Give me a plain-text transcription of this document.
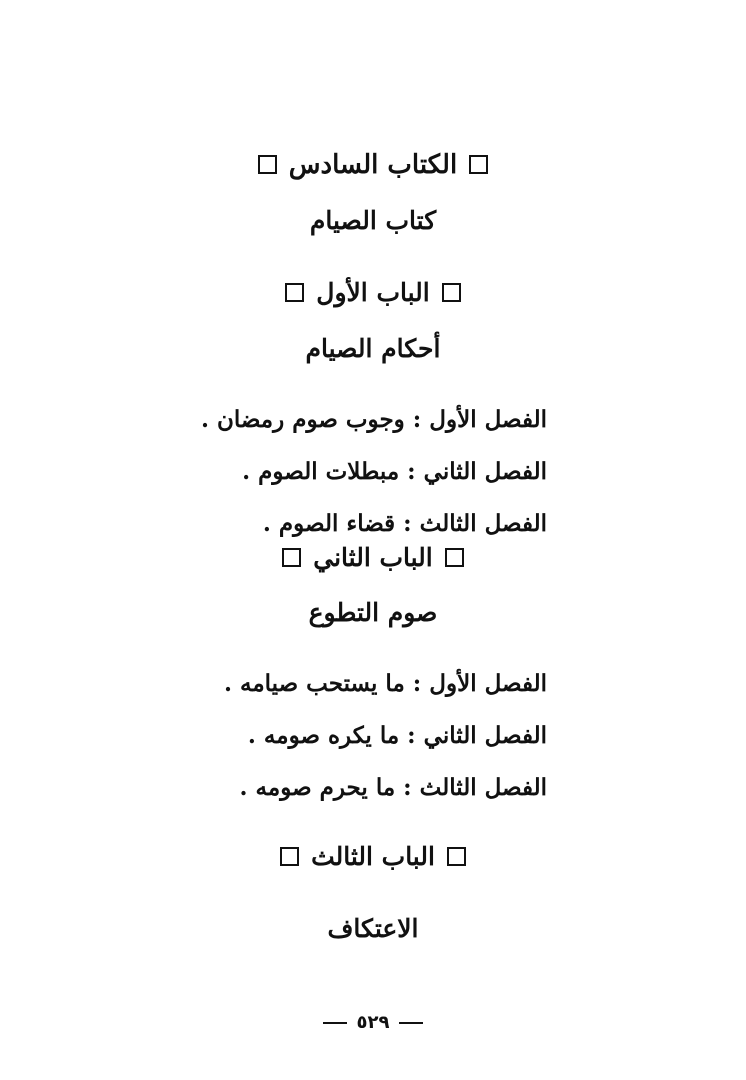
الكتاب السادس
كتاب الصيام
الباب الأول
أحكام الصيام
الفصل الأول : وجوب صوم رمضان .
الفصل الثاني : مبطلات الصوم .
الفصل الثالث : قضاء الصوم .
الباب الثاني
صوم التطوع
الفصل الأول : ما يستحب صيامه .
الفصل الثاني : ما يكره صومه .
الفصل الثالث : ما يحرم صومه .
الباب الثالث
الاعتكاف
٥٢٩
